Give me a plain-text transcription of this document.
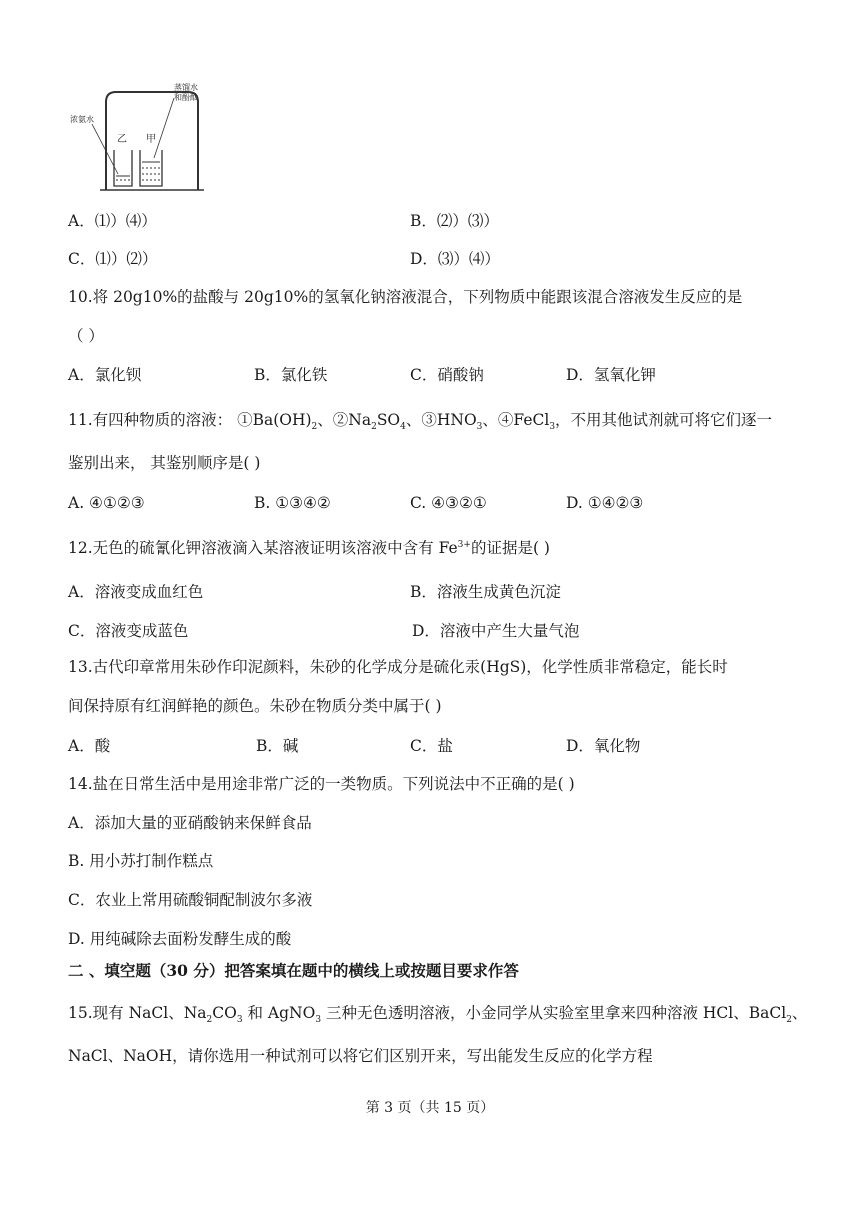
浓氨水
蒸馏水
和酚酞
乙 甲
A．⑴）⑷）	B．⑵）⑶）
C．⑴）⑵）	D．⑶）⑷）
10.将 20g10%的盐酸与 20g10%的氢氧化钠溶液混合，下列物质中能跟该混合溶液发生反应的是
（ ）
A．氯化钡	B．氯化铁	C．硝酸钠	D．氢氧化钾
11.有四种物质的溶液： $①Ba(OH)_2$、$②Na_2SO_4$、$③HNO_3$、④FeCl$_3$，不用其他试剂就可将它们逐一
鉴别出来， 其鉴别顺序是( )
A. ④①②③	B. ①③④②	C. ④③②①	D. ①④②③
12.无色的硫氰化钾溶液滴入某溶液证明该溶液中含有 $Fe^{3+}$的证据是( )
A．溶液变成血红色	B．溶液生成黄色沉淀
C．溶液变成蓝色	D．溶液中产生大量气泡
13.古代印章常用朱砂作印泥颜料，朱砂的化学成分是硫化汞(HgS)，化学性质非常稳定，能长时
间保持原有红润鲜艳的颜色。朱砂在物质分类中属于( )
A．酸	B．碱	C．盐	D．氧化物
14.盐在日常生活中是用途非常广泛的一类物质。下列说法中不正确的是( )
A．添加大量的亚硝酸钠来保鲜食品
B. 用小苏打制作糕点
C．农业上常用硫酸铜配制波尔多液
D. 用纯碱除去面粉发酵生成的酸
二 、填空题（30 分）把答案填在题中的横线上或按题目要求作答
15.现有 NaCl、$Na_2CO_3$ 和 AgNO$_3$ 三种无色透明溶液，小金同学从实验室里拿来四种溶液 HCl、BaCl$_2$、
NaCl、NaOH，请你选用一种试剂可以将它们区别开来，写出能发生反应的化学方程
第 3 页（共 15 页）
